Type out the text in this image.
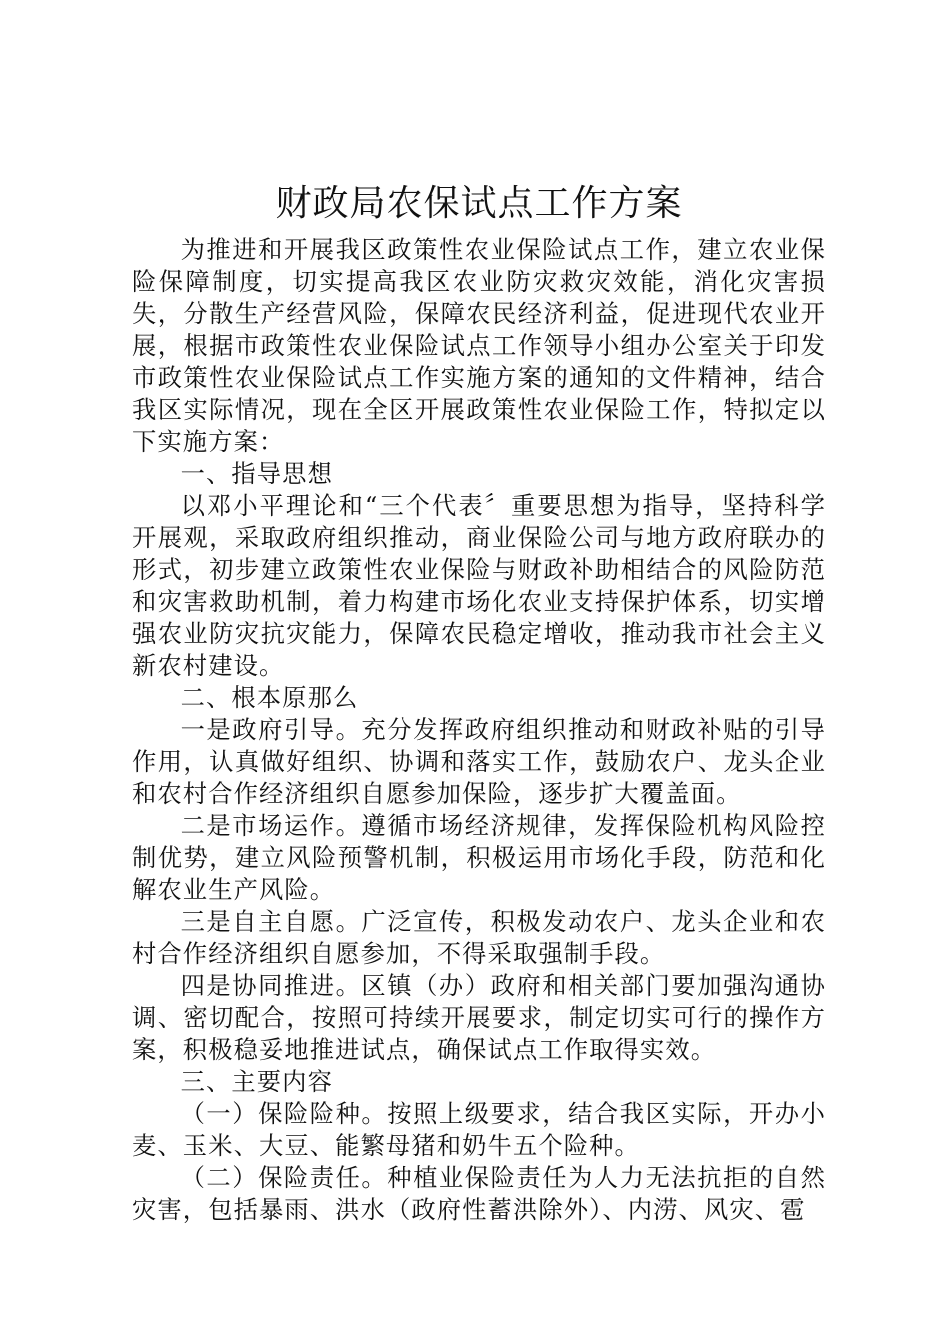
财政局农保试点工作方案

为推进和开展我区政策性农业保险试点工作，建立农业保险保障制度，切实提高我区农业防灾救灾效能，消化灾害损失，分散生产经营风险，保障农民经济利益，促进现代农业开展，根据市政策性农业保险试点工作领导小组办公室关于印发市政策性农业保险试点工作实施方案的通知的文件精神，结合我区实际情况，现在全区开展政策性农业保险工作，特拟定以下实施方案：

一、指导思想

以邓小平理论和“三个代表〞重要思想为指导，坚持科学开展观，采取政府组织推动，商业保险公司与地方政府联办的形式，初步建立政策性农业保险与财政补助相结合的风险防范和灾害救助机制，着力构建市场化农业支持保护体系，切实增强农业防灾抗灾能力，保障农民稳定增收，推动我市社会主义新农村建设。

二、根本原那么

一是政府引导。充分发挥政府组织推动和财政补贴的引导作用，认真做好组织、协调和落实工作，鼓励农户、龙头企业和农村合作经济组织自愿参加保险，逐步扩大覆盖面。

二是市场运作。遵循市场经济规律，发挥保险机构风险控制优势，建立风险预警机制，积极运用市场化手段，防范和化解农业生产风险。

三是自主自愿。广泛宣传，积极发动农户、龙头企业和农村合作经济组织自愿参加，不得采取强制手段。

四是协同推进。区镇（办）政府和相关部门要加强沟通协调、密切配合，按照可持续开展要求，制定切实可行的操作方案，积极稳妥地推进试点，确保试点工作取得实效。

三、主要内容

（一）保险险种。按照上级要求，结合我区实际，开办小麦、玉米、大豆、能繁母猪和奶牛五个险种。

（二）保险责任。种植业保险责任为人力无法抗拒的自然灾害，包括暴雨、洪水（政府性蓄洪除外）、内涝、风灾、雹
